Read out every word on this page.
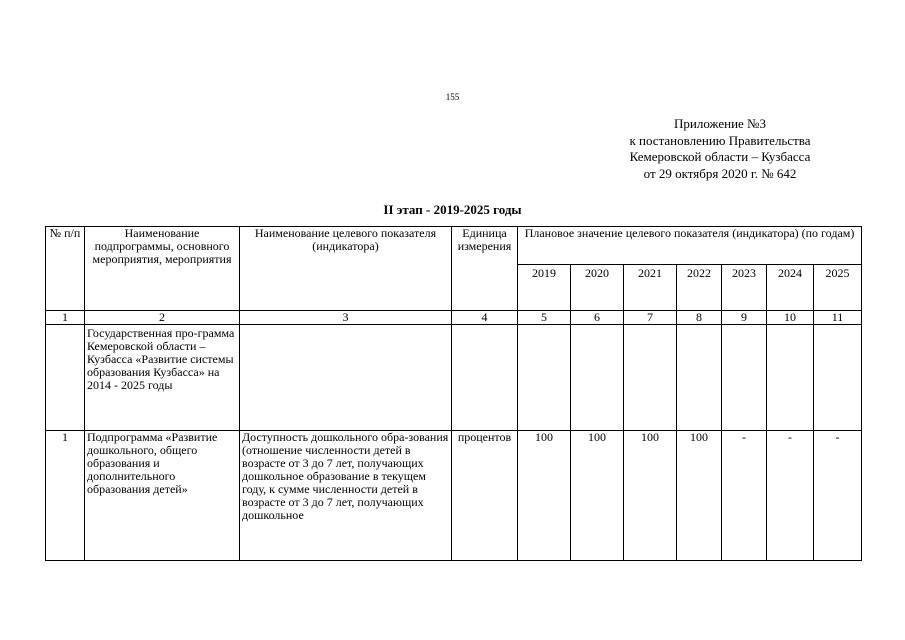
155
Приложение №3
к постановлению Правительства
Кемеровской области – Кузбасса
от 29 октября 2020 г. № 642
II этап - 2019-2025 годы
№ п/п	Наименование подпрограммы, основного мероприятия, мероприятия	Наименование целевого показателя (индикатора)	Единица измерения	Плановое значение целевого показателя (индикатора) (по годам)						
				2019	2020	2021	2022	2023	2024	2025
1	2	3	4	5	6	7	8	9	10	11
	Государственная про-грамма Кемеровской области – Кузбасса «Развитие системы образования Кузбасса» на 2014 - 2025 годы									
1	Подпрограмма «Развитие дошкольного, общего образования и дополнительного образования детей»	Доступность дошкольного обра-зования (отношение численности детей в возрасте от 3 до 7 лет, получающих дошкольное образование в текущем году, к сумме численности детей в возрасте от 3 до 7 лет, получающих дошкольное	процентов	100	100	100	100	-	-	-
